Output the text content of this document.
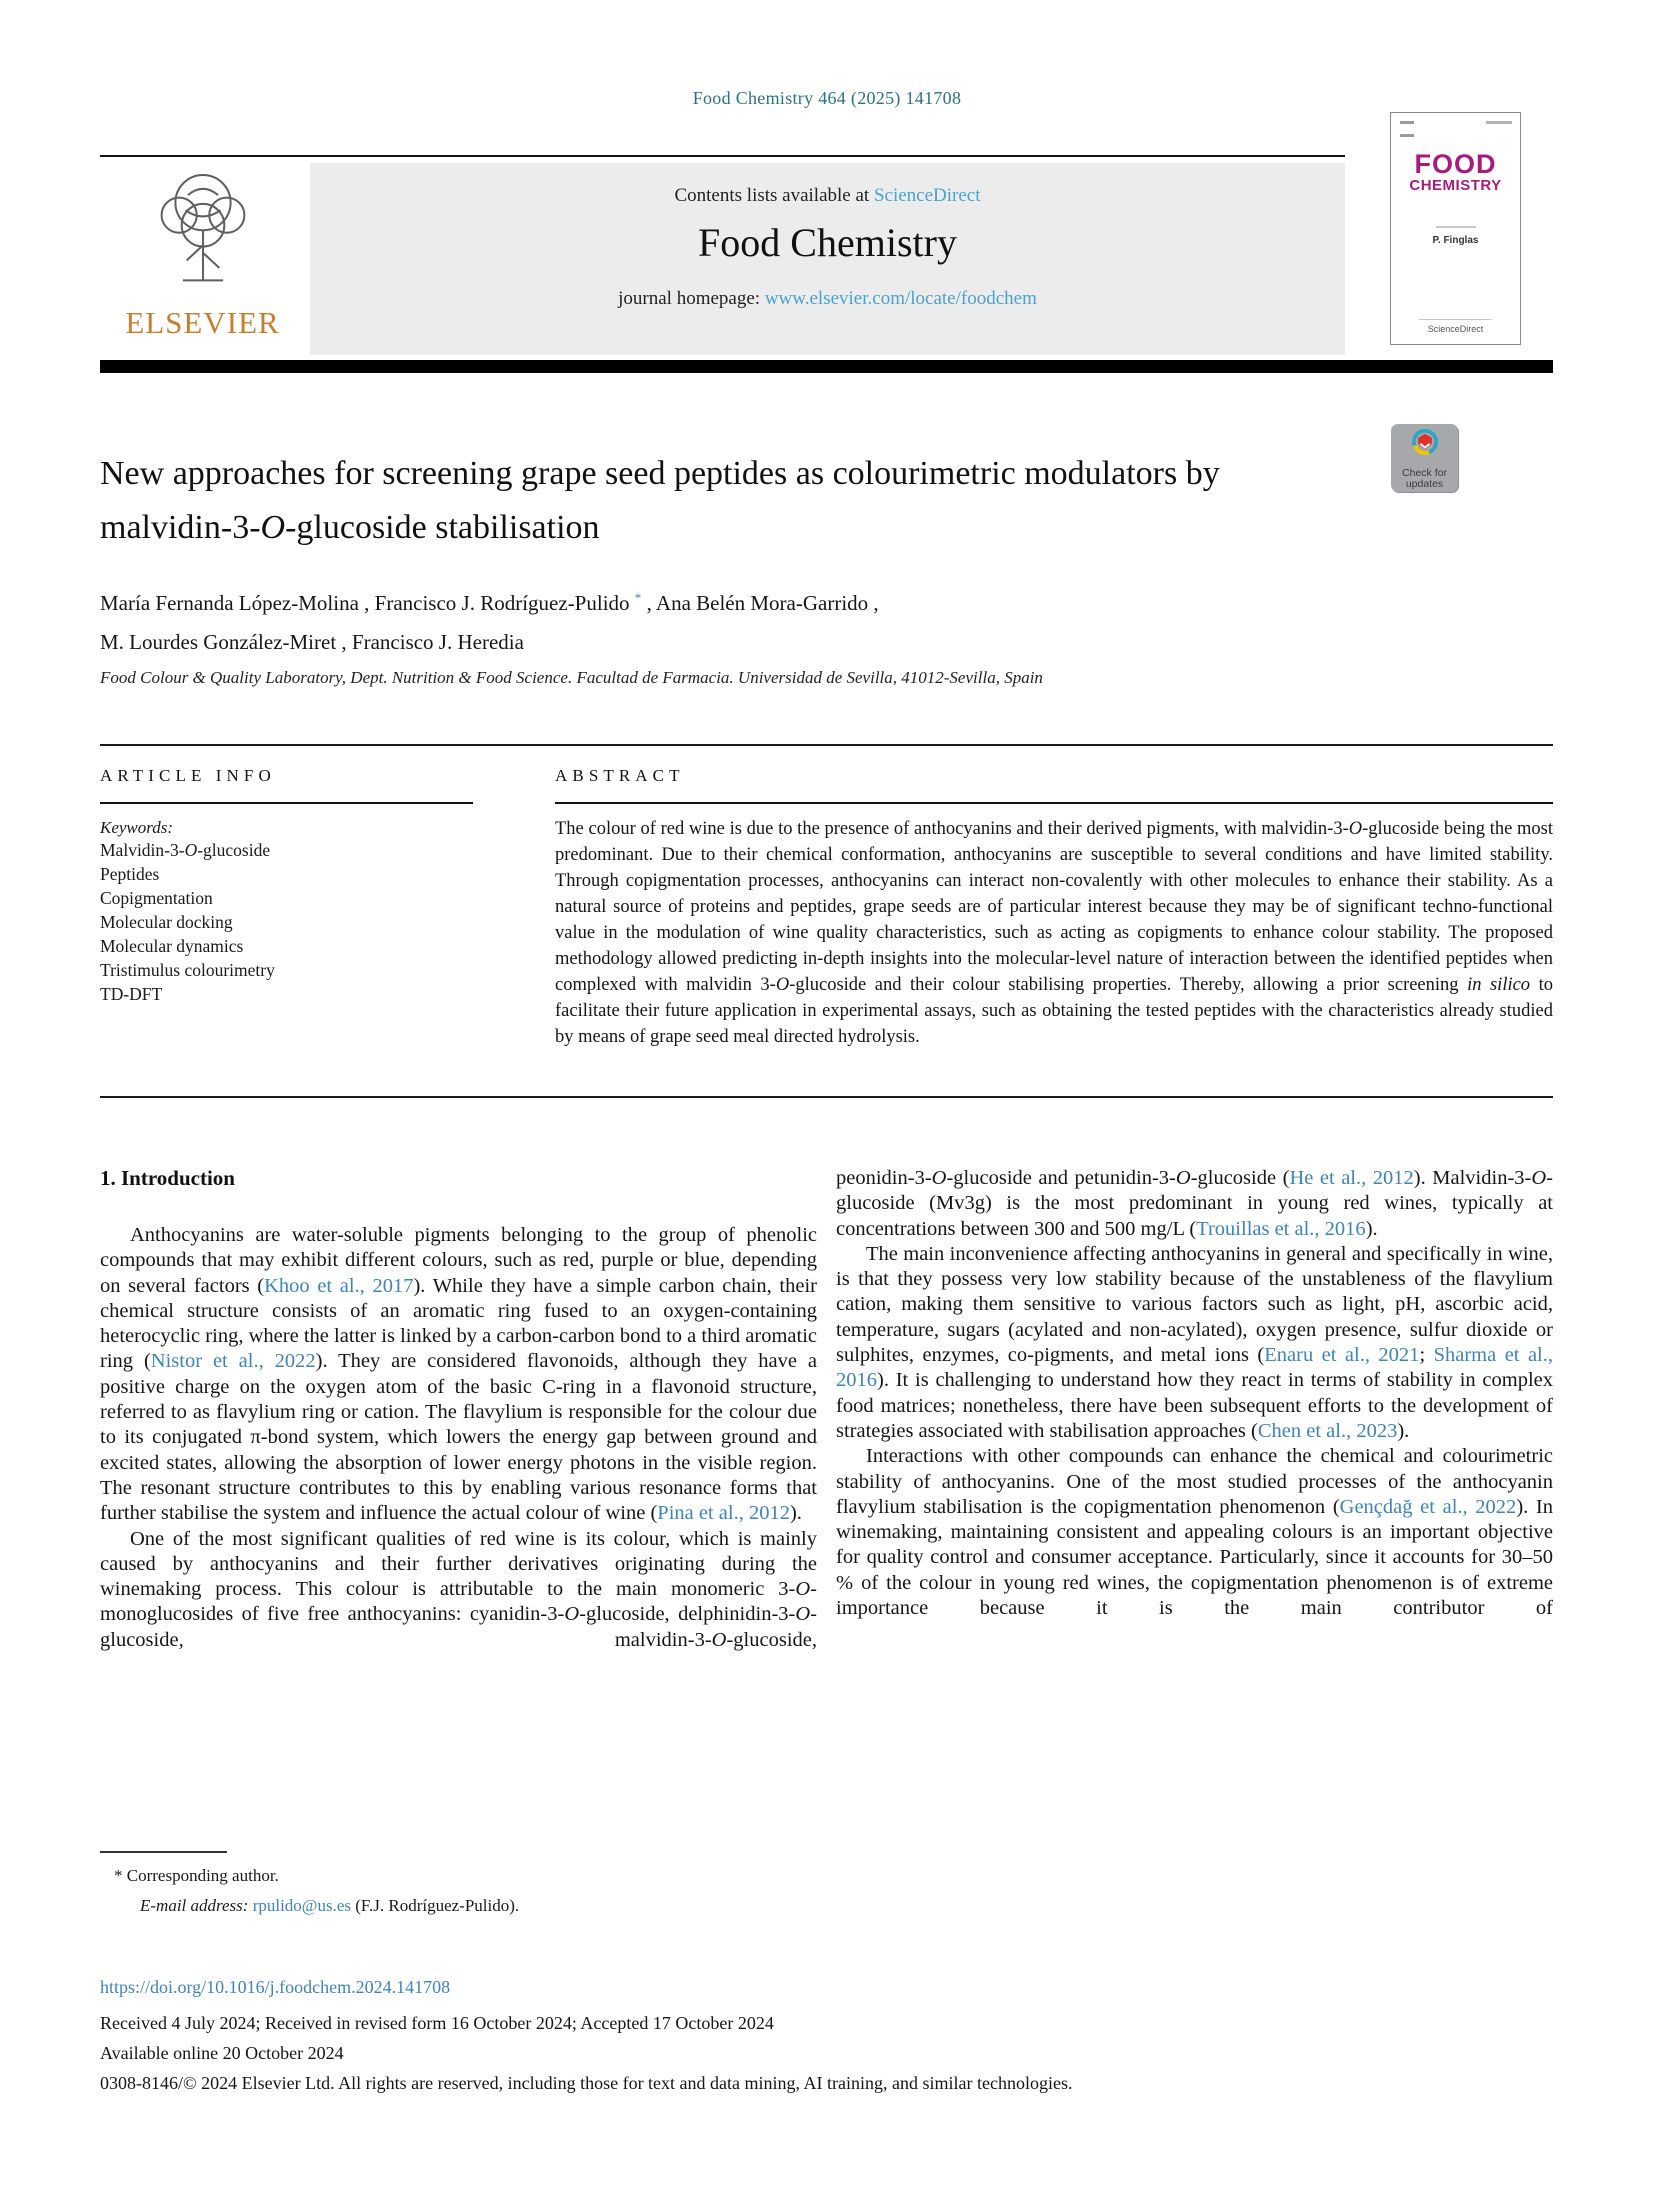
Food Chemistry 464 (2025) 141708
ELSEVIER
Contents lists available at ScienceDirect
Food Chemistry
journal homepage: www.elsevier.com/locate/foodchem
FOOD
CHEMISTRY

P. Finglas
ScienceDirect
New approaches for screening grape seed peptides as colourimetric modulators by malvidin-3-O-glucoside stabilisation
Check for
updates
María Fernanda López-Molina , Francisco J. Rodríguez-Pulido * , Ana Belén Mora-Garrido ,
M. Lourdes González-Miret , Francisco J. Heredia
Food Colour & Quality Laboratory, Dept. Nutrition & Food Science. Facultad de Farmacia. Universidad de Sevilla, 41012-Sevilla, Spain
ARTICLE INFO
Keywords:
Malvidin-3-O-glucoside
Peptides
Copigmentation
Molecular docking
Molecular dynamics
Tristimulus colourimetry
TD-DFT
ABSTRACT
The colour of red wine is due to the presence of anthocyanins and their derived pigments, with malvidin-3-O-glucoside being the most predominant. Due to their chemical conformation, anthocyanins are susceptible to several conditions and have limited stability. Through copigmentation processes, anthocyanins can interact non-covalently with other molecules to enhance their stability. As a natural source of proteins and peptides, grape seeds are of particular interest because they may be of significant techno-functional value in the modulation of wine quality characteristics, such as acting as copigments to enhance colour stability. The proposed methodology allowed predicting in-depth insights into the molecular-level nature of interaction between the identified peptides when complexed with malvidin 3-O-glucoside and their colour stabilising properties. Thereby, allowing a prior screening in silico to facilitate their future application in experimental assays, such as obtaining the tested peptides with the characteristics already studied by means of grape seed meal directed hydrolysis.
1. Introduction

Anthocyanins are water-soluble pigments belonging to the group of phenolic compounds that may exhibit different colours, such as red, purple or blue, depending on several factors (Khoo et al., 2017). While they have a simple carbon chain, their chemical structure consists of an aromatic ring fused to an oxygen-containing heterocyclic ring, where the latter is linked by a carbon-carbon bond to a third aromatic ring (Nistor et al., 2022). They are considered flavonoids, although they have a positive charge on the oxygen atom of the basic C-ring in a flavonoid structure, referred to as flavylium ring or cation. The flavylium is responsible for the colour due to its conjugated π-bond system, which lowers the energy gap between ground and excited states, allowing the absorption of lower energy photons in the visible region. The resonant structure contributes to this by enabling various resonance forms that further stabilise the system and influence the actual colour of wine (Pina et al., 2012).

One of the most significant qualities of red wine is its colour, which is mainly caused by anthocyanins and their further derivatives originating during the winemaking process. This colour is attributable to the main monomeric 3-O-monoglucosides of five free anthocyanins: cyanidin-3-O-glucoside, delphinidin-3-O-glucoside, malvidin-3-O-glucoside,

peonidin-3-O-glucoside and petunidin-3-O-glucoside (He et al., 2012). Malvidin-3-O-glucoside (Mv3g) is the most predominant in young red wines, typically at concentrations between 300 and 500 mg/L (Trouillas et al., 2016).

The main inconvenience affecting anthocyanins in general and specifically in wine, is that they possess very low stability because of the unstableness of the flavylium cation, making them sensitive to various factors such as light, pH, ascorbic acid, temperature, sugars (acylated and non-acylated), oxygen presence, sulfur dioxide or sulphites, enzymes, co-pigments, and metal ions (Enaru et al., 2021; Sharma et al., 2016). It is challenging to understand how they react in terms of stability in complex food matrices; nonetheless, there have been subsequent efforts to the development of strategies associated with stabilisation approaches (Chen et al., 2023).

Interactions with other compounds can enhance the chemical and colourimetric stability of anthocyanins. One of the most studied processes of the anthocyanin flavylium stabilisation is the copigmentation phenomenon (Gençdağ et al., 2022). In winemaking, maintaining consistent and appealing colours is an important objective for quality control and consumer acceptance. Particularly, since it accounts for 30–50 % of the colour in young red wines, the copigmentation phenomenon is of extreme importance because it is the main contributor of

* Corresponding author.
E-mail address: rpulido@us.es (F.J. Rodríguez-Pulido).
https://doi.org/10.1016/j.foodchem.2024.141708
Received 4 July 2024; Received in revised form 16 October 2024; Accepted 17 October 2024
Available online 20 October 2024
0308-8146/© 2024 Elsevier Ltd. All rights are reserved, including those for text and data mining, AI training, and similar technologies.
